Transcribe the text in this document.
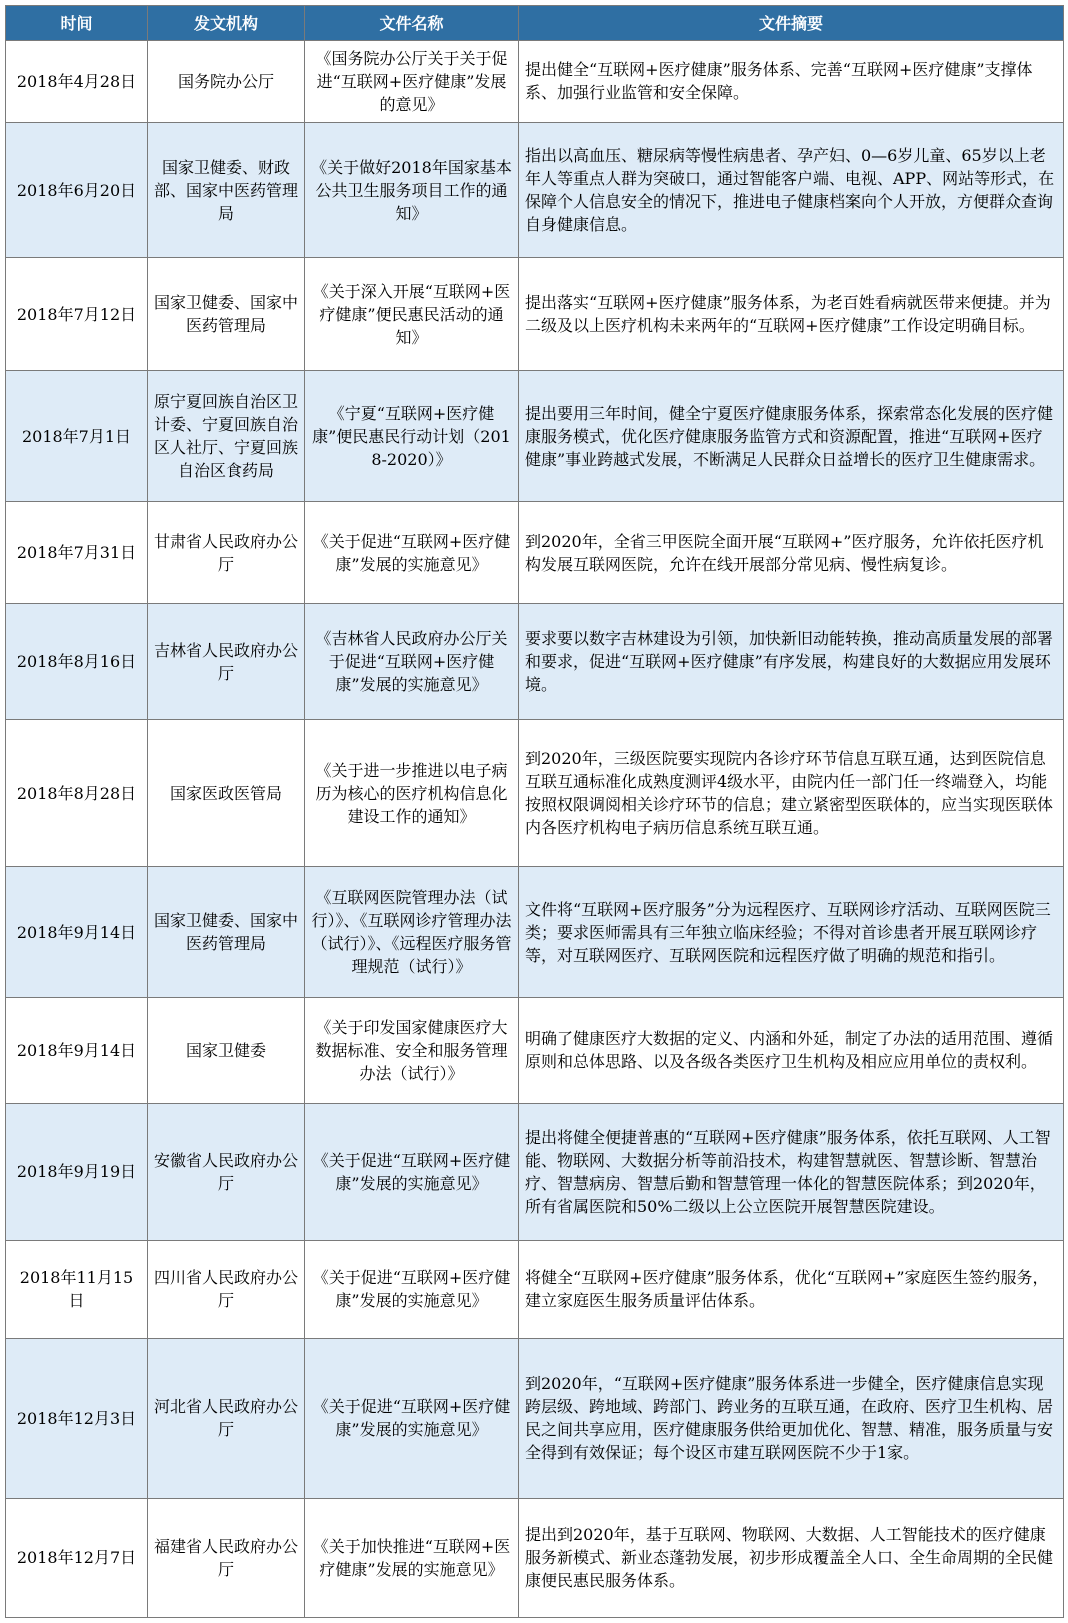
时间	发文机构	文件名称	文件摘要
2018年4月28日	国务院办公厅	《国务院办公厅关于关于促进“互联网+医疗健康”发展的意见》	提出健全“互联网+医疗健康”服务体系、完善“互联网+医疗健康”支撑体系、加强行业监管和安全保障。
2018年6月20日	国家卫健委、财政部、国家中医药管理局	《关于做好2018年国家基本公共卫生服务项目工作的通知》	指出以高血压、糖尿病等慢性病患者、孕产妇、0—6岁儿童、65岁以上老年人等重点人群为突破口，通过智能客户端、电视、APP、网站等形式，在保障个人信息安全的情况下，推进电子健康档案向个人开放，方便群众查询自身健康信息。
2018年7月12日	国家卫健委、国家中医药管理局	《关于深入开展“互联网+医疗健康”便民惠民活动的通知》	提出落实“互联网+医疗健康”服务体系，为老百姓看病就医带来便捷。并为二级及以上医疗机构未来两年的“互联网+医疗健康”工作设定明确目标。
2018年7月1日	原宁夏回族自治区卫计委、宁夏回族自治区人社厅、宁夏回族自治区食药局	《宁夏“互联网+医疗健康”便民惠民行动计划（2018-2020）》	提出要用三年时间，健全宁夏医疗健康服务体系，探索常态化发展的医疗健康服务模式，优化医疗健康服务监管方式和资源配置，推进“互联网+医疗健康”事业跨越式发展，不断满足人民群众日益增长的医疗卫生健康需求。
2018年7月31日	甘肃省人民政府办公厅	《关于促进“互联网+医疗健康”发展的实施意见》	到2020年，全省三甲医院全面开展“互联网+”医疗服务，允许依托医疗机构发展互联网医院，允许在线开展部分常见病、慢性病复诊。
2018年8月16日	吉林省人民政府办公厅	《吉林省人民政府办公厅关于促进“互联网+医疗健康”发展的实施意见》	要求要以数字吉林建设为引领，加快新旧动能转换，推动高质量发展的部署和要求，促进“互联网+医疗健康”有序发展，构建良好的大数据应用发展环境。
2018年8月28日	国家医政医管局	《关于进一步推进以电子病历为核心的医疗机构信息化建设工作的通知》	到2020年，三级医院要实现院内各诊疗环节信息互联互通，达到医院信息互联互通标准化成熟度测评4级水平，由院内任一部门任一终端登入，均能按照权限调阅相关诊疗环节的信息；建立紧密型医联体的，应当实现医联体内各医疗机构电子病历信息系统互联互通。
2018年9月14日	国家卫健委、国家中医药管理局	《互联网医院管理办法（试行）》、《互联网诊疗管理办法（试行）》、《远程医疗服务管理规范（试行）》	文件将“互联网+医疗服务”分为远程医疗、互联网诊疗活动、互联网医院三类；要求医师需具有三年独立临床经验；不得对首诊患者开展互联网诊疗等，对互联网医疗、互联网医院和远程医疗做了明确的规范和指引。
2018年9月14日	国家卫健委	《关于印发国家健康医疗大数据标准、安全和服务管理办法（试行）》	明确了健康医疗大数据的定义、内涵和外延，制定了办法的适用范围、遵循原则和总体思路、以及各级各类医疗卫生机构及相应应用单位的责权利。
2018年9月19日	安徽省人民政府办公厅	《关于促进“互联网+医疗健康”发展的实施意见》	提出将健全便捷普惠的“互联网+医疗健康”服务体系，依托互联网、人工智能、物联网、大数据分析等前沿技术，构建智慧就医、智慧诊断、智慧治疗、智慧病房、智慧后勤和智慧管理一体化的智慧医院体系；到2020年，所有省属医院和50%二级以上公立医院开展智慧医院建设。
2018年11月15日	四川省人民政府办公厅	《关于促进“互联网+医疗健康”发展的实施意见》	将健全“互联网+医疗健康”服务体系，优化“互联网+”家庭医生签约服务，建立家庭医生服务质量评估体系。
2018年12月3日	河北省人民政府办公厅	《关于促进“互联网+医疗健康”发展的实施意见》	到2020年，“互联网+医疗健康”服务体系进一步健全，医疗健康信息实现跨层级、跨地域、跨部门、跨业务的互联互通，在政府、医疗卫生机构、居民之间共享应用，医疗健康服务供给更加优化、智慧、精准，服务质量与安全得到有效保证；每个设区市建互联网医院不少于1家。
2018年12月7日	福建省人民政府办公厅	《关于加快推进“互联网+医疗健康”发展的实施意见》	提出到2020年，基于互联网、物联网、大数据、人工智能技术的医疗健康服务新模式、新业态蓬勃发展，初步形成覆盖全人口、全生命周期的全民健康便民惠民服务体系。
